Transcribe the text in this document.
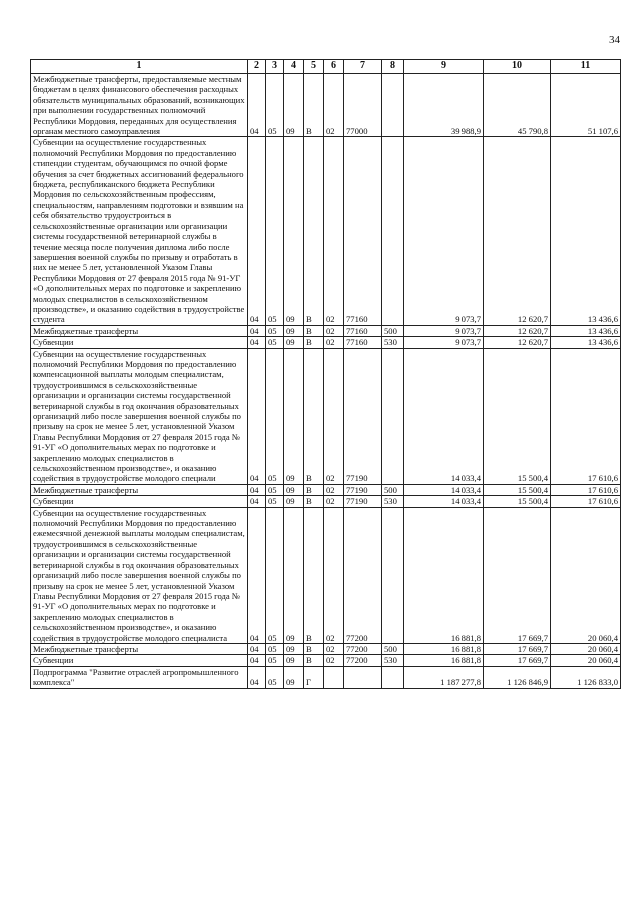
34
1	2	3	4	5	6	7	8	9	10	11
Межбюджетные трансферты, предоставляемые местным бюджетам в целях финансового обеспечения расходных обязательств муниципальных образований, возникающих при выполнении государственных полномочий Республики Мордовия, переданных для осуществления органам местного самоуправления	04	05	09	В	02	77000		39 988,9	45 790,8	51 107,6
Субвенции на осуществление государственных полномочий Республики Мордовия по предоставлению стипендии студентам, обучающимся по очной форме обучения за счет бюджетных ассигнований федерального бюджета, республиканского бюджета Республики Мордовия по сельскохозяйственным профессиям, специальностям, направлениям подготовки и взявшим на себя обязательство трудоустроиться в сельскохозяйственные организации или организации системы государственной ветеринарной службы в течение месяца после получения диплома либо после завершения военной службы по призыву и отработать в них не менее 5 лет, установленной Указом Главы Республики Мордовия от 27 февраля 2015 года № 91-УГ «О дополнительных мерах по подготовке и закреплению молодых специалистов в сельскохозяйственном производстве», и оказанию содействия в трудоустройстве студента	04	05	09	В	02	77160		9 073,7	12 620,7	13 436,6
Межбюджетные трансферты	04	05	09	В	02	77160	500	9 073,7	12 620,7	13 436,6
Субвенции	04	05	09	В	02	77160	530	9 073,7	12 620,7	13 436,6
Субвенции на осуществление государственных полномочий Республики Мордовия по предоставлению компенсационной выплаты молодым специалистам, трудоустроившимся в сельскохозяйственные организации и организации системы государственной ветеринарной службы в год окончания образовательных организаций либо после завершения военной службы по призыву на срок не менее 5 лет, установленной Указом Главы Республики Мордовия от 27 февраля 2015 года № 91-УГ «О дополнительных мерах по подготовке и закреплению молодых специалистов в сельскохозяйственном производстве», и оказанию содействия в трудоустройстве молодого специали	04	05	09	В	02	77190		14 033,4	15 500,4	17 610,6
Межбюджетные трансферты	04	05	09	В	02	77190	500	14 033,4	15 500,4	17 610,6
Субвенции	04	05	09	В	02	77190	530	14 033,4	15 500,4	17 610,6
Субвенции на осуществление государственных полномочий Республики Мордовия по предоставлению ежемесячной денежной выплаты молодым специалистам, трудоустроившимся в сельскохозяйственные организации и организации системы государственной ветеринарной службы в год окончания образовательных организаций либо после завершения военной службы по призыву на срок не менее 5 лет, установленной Указом Главы Республики Мордовия от 27 февраля 2015 года № 91-УГ «О дополнительных мерах по подготовке и закреплению молодых специалистов в сельскохозяйственном производстве», и оказанию содействия в трудоустройстве молодого специалиста	04	05	09	В	02	77200		16 881,8	17 669,7	20 060,4
Межбюджетные трансферты	04	05	09	В	02	77200	500	16 881,8	17 669,7	20 060,4
Субвенции	04	05	09	В	02	77200	530	16 881,8	17 669,7	20 060,4
Подпрограмма "Развитие отраслей агропромышленного комплекса"	04	05	09	Г				1 187 277,8	1 126 846,9	1 126 833,0
